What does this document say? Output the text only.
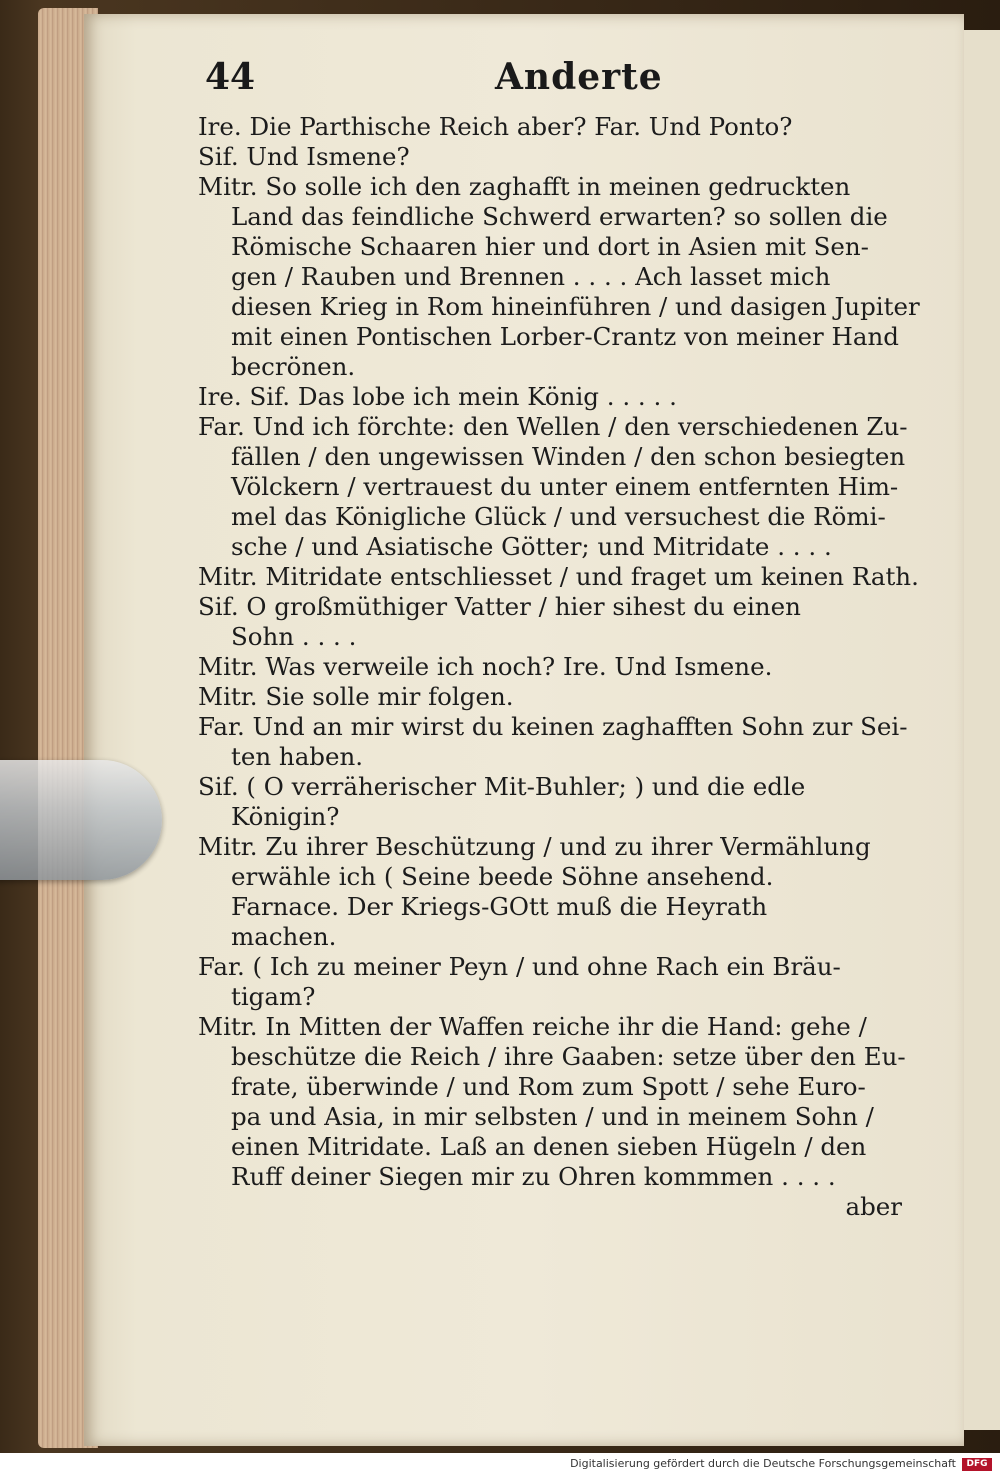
44	Anderte
Ire. Die Parthische Reich aber? Far. Und Ponto?
Sif. Und Ismene?
Mitr. So solle ich den zaghafft in meinen gedruckten
Land das feindliche Schwerd erwarten? so sollen die
Römische Schaaren hier und dort in Asien mit Sen-
gen / Rauben und Brennen . . . . Ach lasset mich
diesen Krieg in Rom hineinführen / und dasigen Jupiter
mit einen Pontischen Lorber-Crantz von meiner Hand
becrönen.
Ire. Sif. Das lobe ich mein König . . . . .
Far. Und ich förchte: den Wellen / den verschiedenen Zu-
fällen / den ungewissen Winden / den schon besiegten
Völckern / vertrauest du unter einem entfernten Him-
mel das Königliche Glück / und versuchest die Römi-
sche / und Asiatische Götter; und Mitridate . . . .
Mitr. Mitridate entschliesset / und fraget um keinen Rath.
Sif. O großmüthiger Vatter / hier sihest du einen
Sohn . . . .
Mitr. Was verweile ich noch? Ire. Und Ismene.
Mitr. Sie solle mir folgen.
Far. Und an mir wirst du keinen zaghafften Sohn zur Sei-
ten haben.
Sif. ( O verräherischer Mit-Buhler; ) und die edle
Königin?
Mitr. Zu ihrer Beschützung / und zu ihrer Vermählung
erwähle ich ( Seine beede Söhne ansehend.
Farnace. Der Kriegs-GOtt muß die Heyrath
machen.
Far. ( Ich zu meiner Peyn / und ohne Rach ein Bräu-
tigam?
Mitr. In Mitten der Waffen reiche ihr die Hand: gehe /
beschütze die Reich / ihre Gaaben: setze über den Eu-
frate, überwinde / und Rom zum Spott / sehe Euro-
pa und Asia, in mir selbsten / und in meinem Sohn /
einen Mitridate. Laß an denen sieben Hügeln / den
Ruff deiner Siegen mir zu Ohren kommmen . . . .
aber
Digitalisierung gefördert durch die Deutsche Forschungsgemeinschaft	DFG
